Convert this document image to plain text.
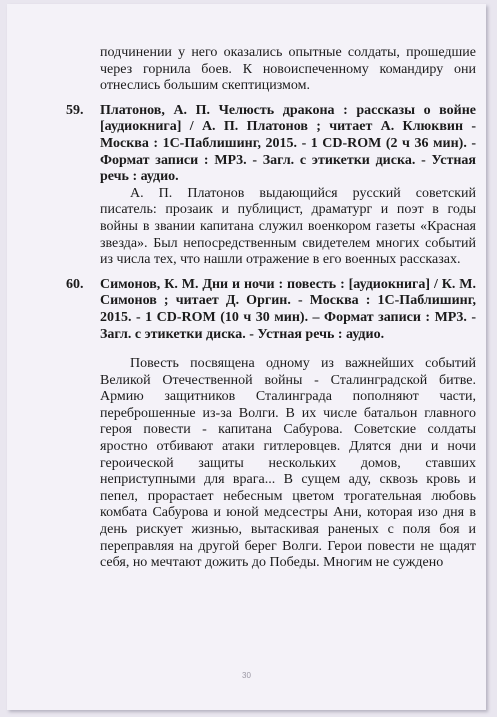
подчинении у него оказались опытные солдаты, прошедшие через горнила боев. К новоиспеченному командиру они отнеслись большим скептицизмом.

59. Платонов, А. П. Челюсть дракона : рассказы о войне [аудиокнига] / А. П. Платонов ; читает А. Клюквин - Москва : 1С-Паблишинг, 2015. - 1 CD-ROM (2 ч 36 мин). - Формат записи : MP3. - Загл. с этикетки диска. - Устная речь : аудио.

А. П. Платонов выдающийся русский советский писатель: прозаик и публицист, драматург и поэт в годы войны в звании капитана служил военкором газеты «Красная звезда». Был непосредственным свидетелем многих событий из числа тех, что нашли отражение в его военных рассказах.

60. Симонов, К. М. Дни и ночи : повесть : [аудиокнига] / К. М. Симонов ; читает Д. Оргин. - Москва : 1С-Паблишинг, 2015. - 1 CD-ROM (10 ч 30 мин). – Формат записи : MP3. - Загл. с этикетки диска. - Устная речь : аудио.

Повесть посвящена одному из важнейших событий Великой Отечественной войны - Сталинградской битве. Армию защитников Сталинграда пополняют части, переброшенные из-за Волги. В их числе батальон главного героя повести - капитана Сабурова. Советские солдаты яростно отбивают атаки гитлеровцев. Длятся дни и ночи героической защиты нескольких домов, ставших неприступными для врага... В сущем аду, сквозь кровь и пепел, прорастает небесным цветом трогательная любовь комбата Сабурова и юной медсестры Ани, которая изо дня в день рискует жизнью, вытаскивая раненых с поля боя и переправляя на другой берег Волги. Герои повести не щадят себя, но мечтают дожить до Победы. Многим не суждено

30
